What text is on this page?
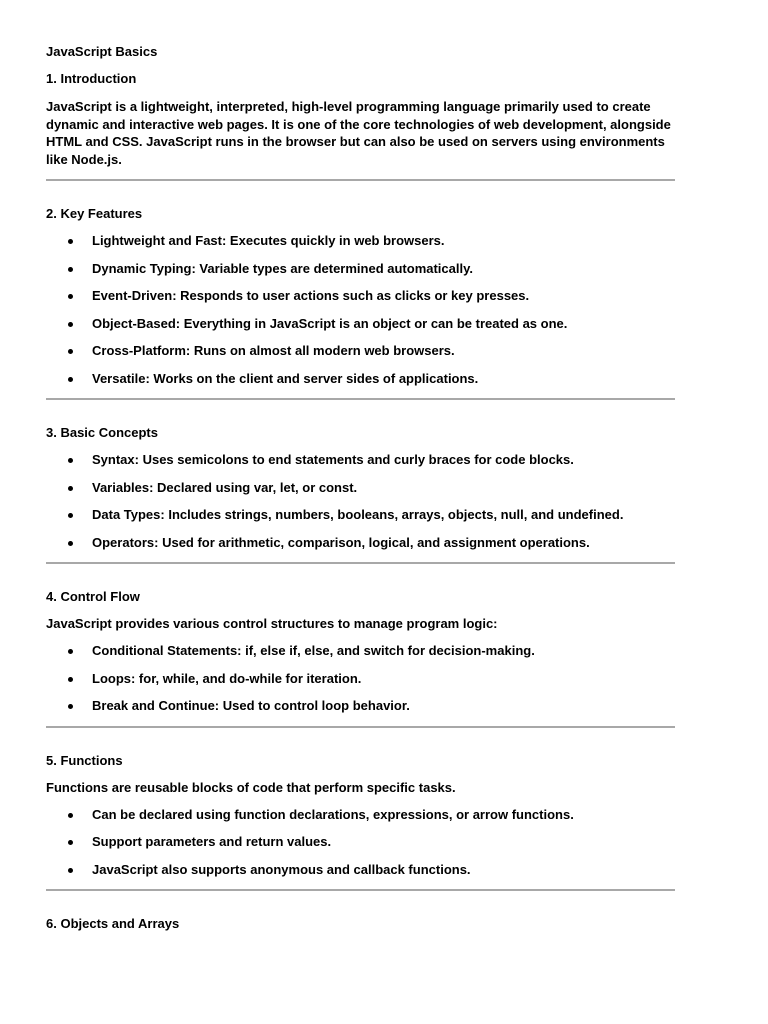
JavaScript Basics
1. Introduction
JavaScript is a lightweight, interpreted, high-level programming language primarily used to create dynamic and interactive web pages. It is one of the core technologies of web development, alongside HTML and CSS. JavaScript runs in the browser but can also be used on servers using environments like Node.js.
2. Key Features
Lightweight and Fast: Executes quickly in web browsers.
Dynamic Typing: Variable types are determined automatically.
Event-Driven: Responds to user actions such as clicks or key presses.
Object-Based: Everything in JavaScript is an object or can be treated as one.
Cross-Platform: Runs on almost all modern web browsers.
Versatile: Works on the client and server sides of applications.
3. Basic Concepts
Syntax: Uses semicolons to end statements and curly braces for code blocks.
Variables: Declared using var, let, or const.
Data Types: Includes strings, numbers, booleans, arrays, objects, null, and undefined.
Operators: Used for arithmetic, comparison, logical, and assignment operations.
4. Control Flow
JavaScript provides various control structures to manage program logic:
Conditional Statements: if, else if, else, and switch for decision-making.
Loops: for, while, and do-while for iteration.
Break and Continue: Used to control loop behavior.
5. Functions
Functions are reusable blocks of code that perform specific tasks.
Can be declared using function declarations, expressions, or arrow functions.
Support parameters and return values.
JavaScript also supports anonymous and callback functions.
6. Objects and Arrays
